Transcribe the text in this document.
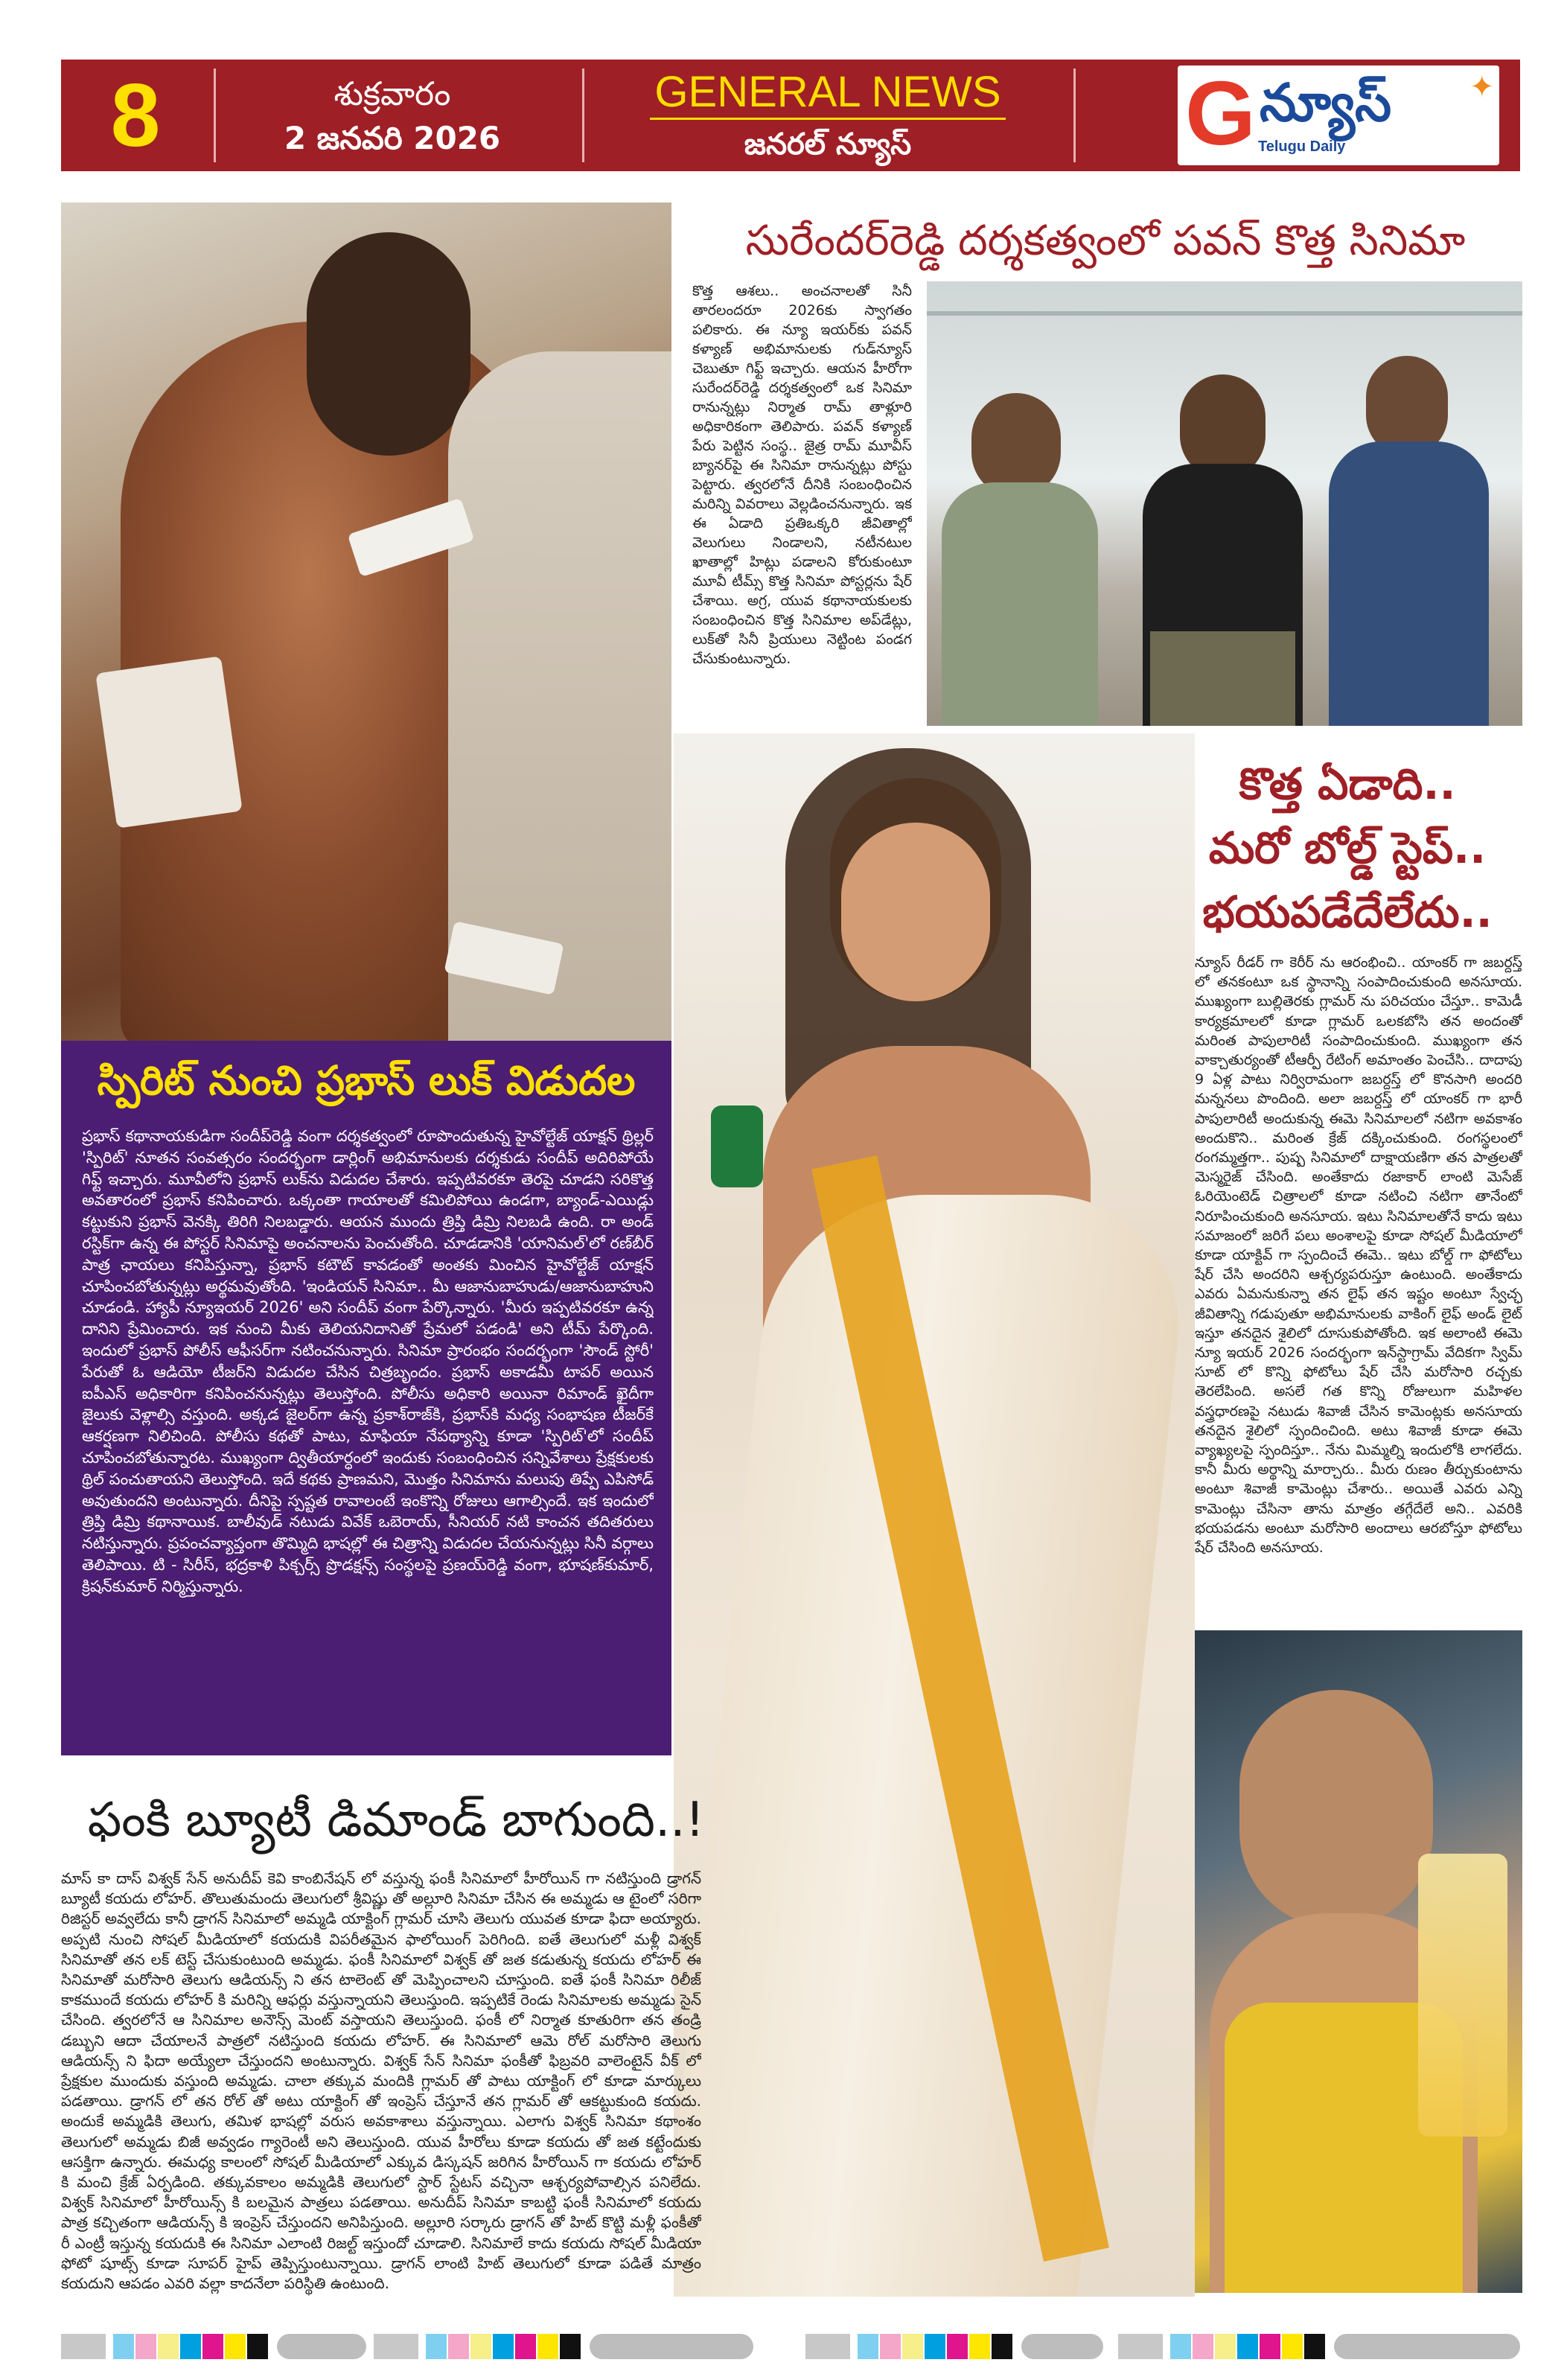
8	శుక్రవారం
2 జనవరి 2026
GENERAL NEWS
జనరల్ న్యూస్	G న్యూస్
Telugu Daily
✦
సురేందర్‌రెడ్డి దర్శకత్వంలో పవన్ కొత్త సినిమా
కొత్త ఆశలు.. అంచనాలతో సినీ తారలందరూ 2026కు స్వాగతం పలికారు. ఈ న్యూ ఇయర్‌కు పవన్ కళ్యాణ్ అభిమానులకు గుడ్‌న్యూస్ చెబుతూ గిఫ్ట్ ఇచ్చారు. ఆయన హీరోగా సురేందర్‌రెడ్డి దర్శకత్వంలో ఒక సినిమా రానున్నట్లు నిర్మాత రామ్ తాళ్లూరి అధికారికంగా తెలిపారు. పవన్ కళ్యాణ్ పేరు పెట్టిన సంస్థ.. జైత్ర రామ్ మూవీస్ బ్యానర్‌పై ఈ సినిమా రానున్నట్లు పోస్టు పెట్టారు. త్వరలోనే దీనికి సంబంధించిన మరిన్ని వివరాలు వెల్లడించనున్నారు. ఇక ఈ ఏడాది ప్రతిఒక్కరి జీవితాల్లో వెలుగులు నిండాలని, నటీనటుల ఖాతాల్లో హిట్లు పడాలని కోరుకుంటూ మూవీ టీమ్స్ కొత్త సినిమా పోస్టర్లను షేర్ చేశాయి. అగ్ర, యువ కథానాయకులకు సంబంధించిన కొత్త సినిమాల అప్‌డేట్లు, లుక్‌తో సినీ ప్రియులు నెట్టింట పండగ చేసుకుంటున్నారు.
కొత్త ఏడాది..
మరో బోల్డ్ స్టెప్..
భయపడేదేలేదు..
న్యూస్ రీడర్ గా కెరీర్ ను ఆరంభించి.. యాంకర్ గా జబర్దస్త్ లో తనకంటూ ఒక స్థానాన్ని సంపాదించుకుంది అనసూయ. ముఖ్యంగా బుల్లితెరకు గ్లామర్ ను పరిచయం చేస్తూ.. కామెడీ కార్యక్రమాలలో కూడా గ్లామర్ ఒలకబోసి తన అందంతో మరింత పాపులారిటీ సంపాదించుకుంది. ముఖ్యంగా తన వాక్చాతుర్యంతో టీఆర్పీ రేటింగ్ అమాంతం పెంచేసి.. దాదాపు 9 ఏళ్ల పాటు నిర్విరామంగా జబర్దస్త్ లో కొనసాగి అందరి మన్ననలు పొందింది. అలా జబర్దస్త్ లో యాంకర్ గా భారీ పాపులారిటీ అందుకున్న ఈమె సినిమాలలో నటిగా అవకాశం అందుకొని.. మరింత క్రేజ్ దక్కించుకుంది. రంగస్థలంలో రంగమ్మత్తగా.. పుష్ప సినిమాలో దాక్షాయణిగా తన పాత్రలతో మెస్మరైజ్ చేసింది. అంతేకాదు రజాకార్ లాంటి మెసేజ్ ఓరియెంటెడ్ చిత్రాలలో కూడా నటించి నటిగా తానేంటో నిరూపించుకుంది అనసూయ. ఇటు సినిమాలతోనే కాదు ఇటు సమాజంలో జరిగే పలు అంశాలపై కూడా సోషల్ మీడియాలో కూడా యాక్టివ్ గా స్పందించే ఈమె.. ఇటు బోల్డ్ గా ఫోటోలు షేర్ చేసి అందరిని ఆశ్చర్యపరుస్తూ ఉంటుంది. అంతేకాదు ఎవరు ఏమనుకున్నా తన లైఫ్ తన ఇష్టం అంటూ స్వేచ్ఛ జీవితాన్ని గడుపుతూ అభిమానులకు వాకింగ్ లైఫ్ అండ్ లైట్ ఇస్తూ తనదైన శైలిలో దూసుకుపోతోంది. ఇక అలాంటి ఈమె న్యూ ఇయర్ 2026 సందర్భంగా ఇన్‌స్టాగ్రామ్ వేదికగా స్విమ్ సూట్ లో కొన్ని ఫోటోలు షేర్ చేసి మరోసారి రచ్చకు తెరలేపింది. అసలే గత కొన్ని రోజులుగా మహిళల వస్త్రధారణపై నటుడు శివాజీ చేసిన కామెంట్లకు అనసూయ తనదైన శైలిలో స్పందించింది. అటు శివాజీ కూడా ఈమె వ్యాఖ్యలపై స్పందిస్తూ.. నేను మిమ్మల్ని ఇందులోకి లాగలేదు. కానీ మీరు అర్థాన్ని మార్చారు.. మీరు రుణం తీర్చుకుంటాను అంటూ శివాజీ కామెంట్లు చేశారు.. అయితే ఎవరు ఎన్ని కామెంట్లు చేసినా తాను మాత్రం తగ్గేదేలే అని.. ఎవరికి భయపడను అంటూ మరోసారి అందాలు ఆరబోస్తూ ఫోటోలు షేర్ చేసింది అనసూయ.
స్పిరిట్ నుంచి ప్రభాస్ లుక్ విడుదల
ప్రభాస్ కథానాయకుడిగా సందీప్‌రెడ్డి వంగా దర్శకత్వంలో రూపొందుతున్న హైవోల్టేజ్ యాక్షన్ థ్రిల్లర్ 'స్పిరిట్' నూతన సంవత్సరం సందర్భంగా డార్లింగ్ అభిమానులకు దర్శకుడు సందీప్ అదిరిపోయే గిఫ్ట్ ఇచ్చారు. మూవీలోని ప్రభాస్ లుక్‌ను విడుదల చేశారు. ఇప్పటివరకూ తెరపై చూడని సరికొత్త అవతారంలో ప్రభాస్ కనిపించారు. ఒక్కంతా గాయాలతో కమిలిపోయి ఉండగా, బ్యాండ్-ఎయిడ్లు కట్టుకుని ప్రభాస్ వెనక్కి తిరిగి నిలబడ్డారు. ఆయన ముందు త్రిప్తి డిమ్రి నిలబడి ఉంది. రా అండ్ రస్టిక్‌గా ఉన్న ఈ పోస్టర్ సినిమాపై అంచనాలను పెంచుతోంది. చూడడానికి 'యానిమల్'లో రణ్‌బీర్ పాత్ర ఛాయలు కనిపిస్తున్నా, ప్రభాస్ కటౌట్ కావడంతో అంతకు మించిన హైవోల్టేజ్ యాక్షన్ చూపించబోతున్నట్లు అర్థమవుతోంది. 'ఇండియన్ సినిమా.. మీ ఆజానుబాహుడు/ఆజానుబాహుని చూడండి. హ్యాపీ న్యూఇయర్ 2026' అని సందీప్ వంగా పేర్కొన్నారు. 'మీరు ఇప్పటివరకూ ఉన్న దానిని ప్రేమించారు. ఇక నుంచి మీకు తెలియనిదానితో ప్రేమలో పడండి' అని టీమ్ పేర్కొంది. ఇందులో ప్రభాస్ పోలీస్ ఆఫీసర్‌గా నటించనున్నారు. సినిమా ప్రారంభం సందర్భంగా 'సౌండ్ స్టోరీ' పేరుతో ఓ ఆడియో టీజర్‌ని విడుదల చేసిన చిత్రబృందం. ప్రభాస్ అకాడమీ టాపర్ అయిన ఐపీఎస్ అధికారిగా కనిపించనున్నట్లు తెలుస్తోంది. పోలీసు అధికారి అయినా రిమాండ్ ఖైదీగా జైలుకు వెళ్లాల్సి వస్తుంది. అక్కడ జైలర్‌గా ఉన్న ప్రకాశ్‌రాజ్‌కి, ప్రభాస్‌కి మధ్య సంభాషణ టీజర్‌కే ఆకర్షణగా నిలిచింది. పోలీసు కథతో పాటు, మాఫియా నేపథ్యాన్ని కూడా 'స్పిరిట్'లో సందీప్ చూపించబోతున్నారట. ముఖ్యంగా ద్వితీయార్ధంలో ఇందుకు సంబంధించిన సన్నివేశాలు ప్రేక్షకులకు థ్రిల్ పంచుతాయని తెలుస్తోంది. ఇదే కథకు ప్రాణమని, మొత్తం సినిమాను మలుపు తిప్పే ఎపిసోడ్ అవుతుందని అంటున్నారు. దీనిపై స్పష్టత రావాలంటే ఇంకొన్ని రోజులు ఆగాల్సిందే. ఇక ఇందులో త్రిప్తి డిమ్రి కథానాయిక. బాలీవుడ్ నటుడు వివేక్ ఒబెరాయ్, సీనియర్ నటి కాంచన తదితరులు నటిస్తున్నారు. ప్రపంచవ్యాప్తంగా తొమ్మిది భాషల్లో ఈ చిత్రాన్ని విడుదల చేయనున్నట్లు సినీ వర్గాలు తెలిపాయి. టి - సిరీస్, భద్రకాళి పిక్చర్స్ ప్రొడక్షన్స్ సంస్థలపై ప్రణయ్‌రెడ్డి వంగా, భూషణ్‌కుమార్, క్రిషన్‌కుమార్ నిర్మిస్తున్నారు.
ఫంకి బ్యూటీ డిమాండ్ బాగుంది..!
మాస్ కా దాస్ విశ్వక్ సేన్ అనుదీప్ కెవి కాంబినేషన్ లో వస్తున్న ఫంకీ సినిమాలో హీరోయిన్ గా నటిస్తుంది డ్రాగన్ బ్యూటీ కయదు లోహర్. తొలుతుమందు తెలుగులో శ్రీవిష్ణు తో అల్లూరి సినిమా చేసిన ఈ అమ్మడు ఆ టైంలో సరిగా రిజిస్టర్ అవ్వలేదు కానీ డ్రాగన్ సినిమాలో అమ్మడి యాక్టింగ్ గ్లామర్ చూసి తెలుగు యువత కూడా ఫిదా అయ్యారు. అప్పటి నుంచి సోషల్ మీడియాలో కయదుకి విపరీతమైన ఫాలోయింగ్ పెరిగింది. ఐతే తెలుగులో మళ్లీ విశ్వక్ సినిమాతో తన లక్ టెస్ట్ చేసుకుంటుంది అమ్మడు. ఫంకీ సినిమాలో విశ్వక్ తో జత కడుతున్న కయదు లోహర్ ఈ సినిమాతో మరోసారి తెలుగు ఆడియన్స్ ని తన టాలెంట్ తో మెప్పించాలని చూస్తుంది. ఐతే ఫంకీ సినిమా రిలీజ్ కాకముందే కయదు లోహర్ కి మరిన్ని ఆఫర్లు వస్తున్నాయని తెలుస్తుంది. ఇప్పటికే రెండు సినిమాలకు అమ్మడు సైన్ చేసింది. త్వరలోనే ఆ సినిమాల అనౌన్స్ మెంట్ వస్తాయని తెలుస్తుంది. ఫంకీ లో నిర్మాత కూతురిగా తన తండ్రి డబ్బుని ఆదా చేయాలనే పాత్రలో నటిస్తుంది కయదు లోహర్. ఈ సినిమాలో ఆమె రోల్ మరోసారి తెలుగు ఆడియన్స్ ని ఫిదా అయ్యేలా చేస్తుందని అంటున్నారు. విశ్వక్ సేన్ సినిమా ఫంకీతో ఫిబ్రవరి వాలెంటైన్ వీక్ లో ప్రేక్షకుల ముందుకు వస్తుంది అమ్మడు. చాలా తక్కువ మందికి గ్లామర్ తో పాటు యాక్టింగ్ లో కూడా మార్కులు పడతాయి. డ్రాగన్ లో తన రోల్ తో అటు యాక్టింగ్ తో ఇంప్రెస్ చేస్తూనే తన గ్లామర్ తో ఆకట్టుకుంది కయదు. అందుకే అమ్మడికి తెలుగు, తమిళ భాషల్లో వరుస అవకాశాలు వస్తున్నాయి. ఎలాగు విశ్వక్ సినిమా కథాంశం తెలుగులో అమ్మడు బిజీ అవ్వడం గ్యారెంటీ అని తెలుస్తుంది. యువ హీరోలు కూడా కయదు తో జత కట్టేందుకు ఆసక్తిగా ఉన్నారు. ఈమధ్య కాలంలో సోషల్ మీడియాలో ఎక్కువ డిస్కషన్ జరిగిన హీరోయిన్ గా కయదు లోహర్ కి మంచి క్రేజ్ ఏర్పడింది. తక్కువకాలం అమ్మడికి తెలుగులో స్టార్ స్టేటస్ వచ్చినా ఆశ్చర్యపోవాల్సిన పనిలేదు. విశ్వక్ సినిమాలో హీరోయిన్స్ కి బలమైన పాత్రలు పడతాయి. అనుదీప్ సినిమా కాబట్టి ఫంకీ సినిమాలో కయదు పాత్ర కచ్చితంగా ఆడియన్స్ కి ఇంప్రెస్ చేస్తుందని అనిపిస్తుంది. అల్లూరి సర్కారు డ్రాగన్ తో హిట్ కొట్టి మళ్లీ ఫంకీతో రీ ఎంట్రీ ఇస్తున్న కయదుకి ఈ సినిమా ఎలాంటి రిజల్ట్ ఇస్తుందో చూడాలి. సినిమాలే కాదు కయదు సోషల్ మీడియా ఫోటో షూట్స్ కూడా సూపర్ హైప్ తెప్పిస్తుంటున్నాయి. డ్రాగన్ లాంటి హిట్ తెలుగులో కూడా పడితే మాత్రం కయదుని ఆపడం ఎవరి వల్లా కాదనేలా పరిస్థితి ఉంటుంది.
